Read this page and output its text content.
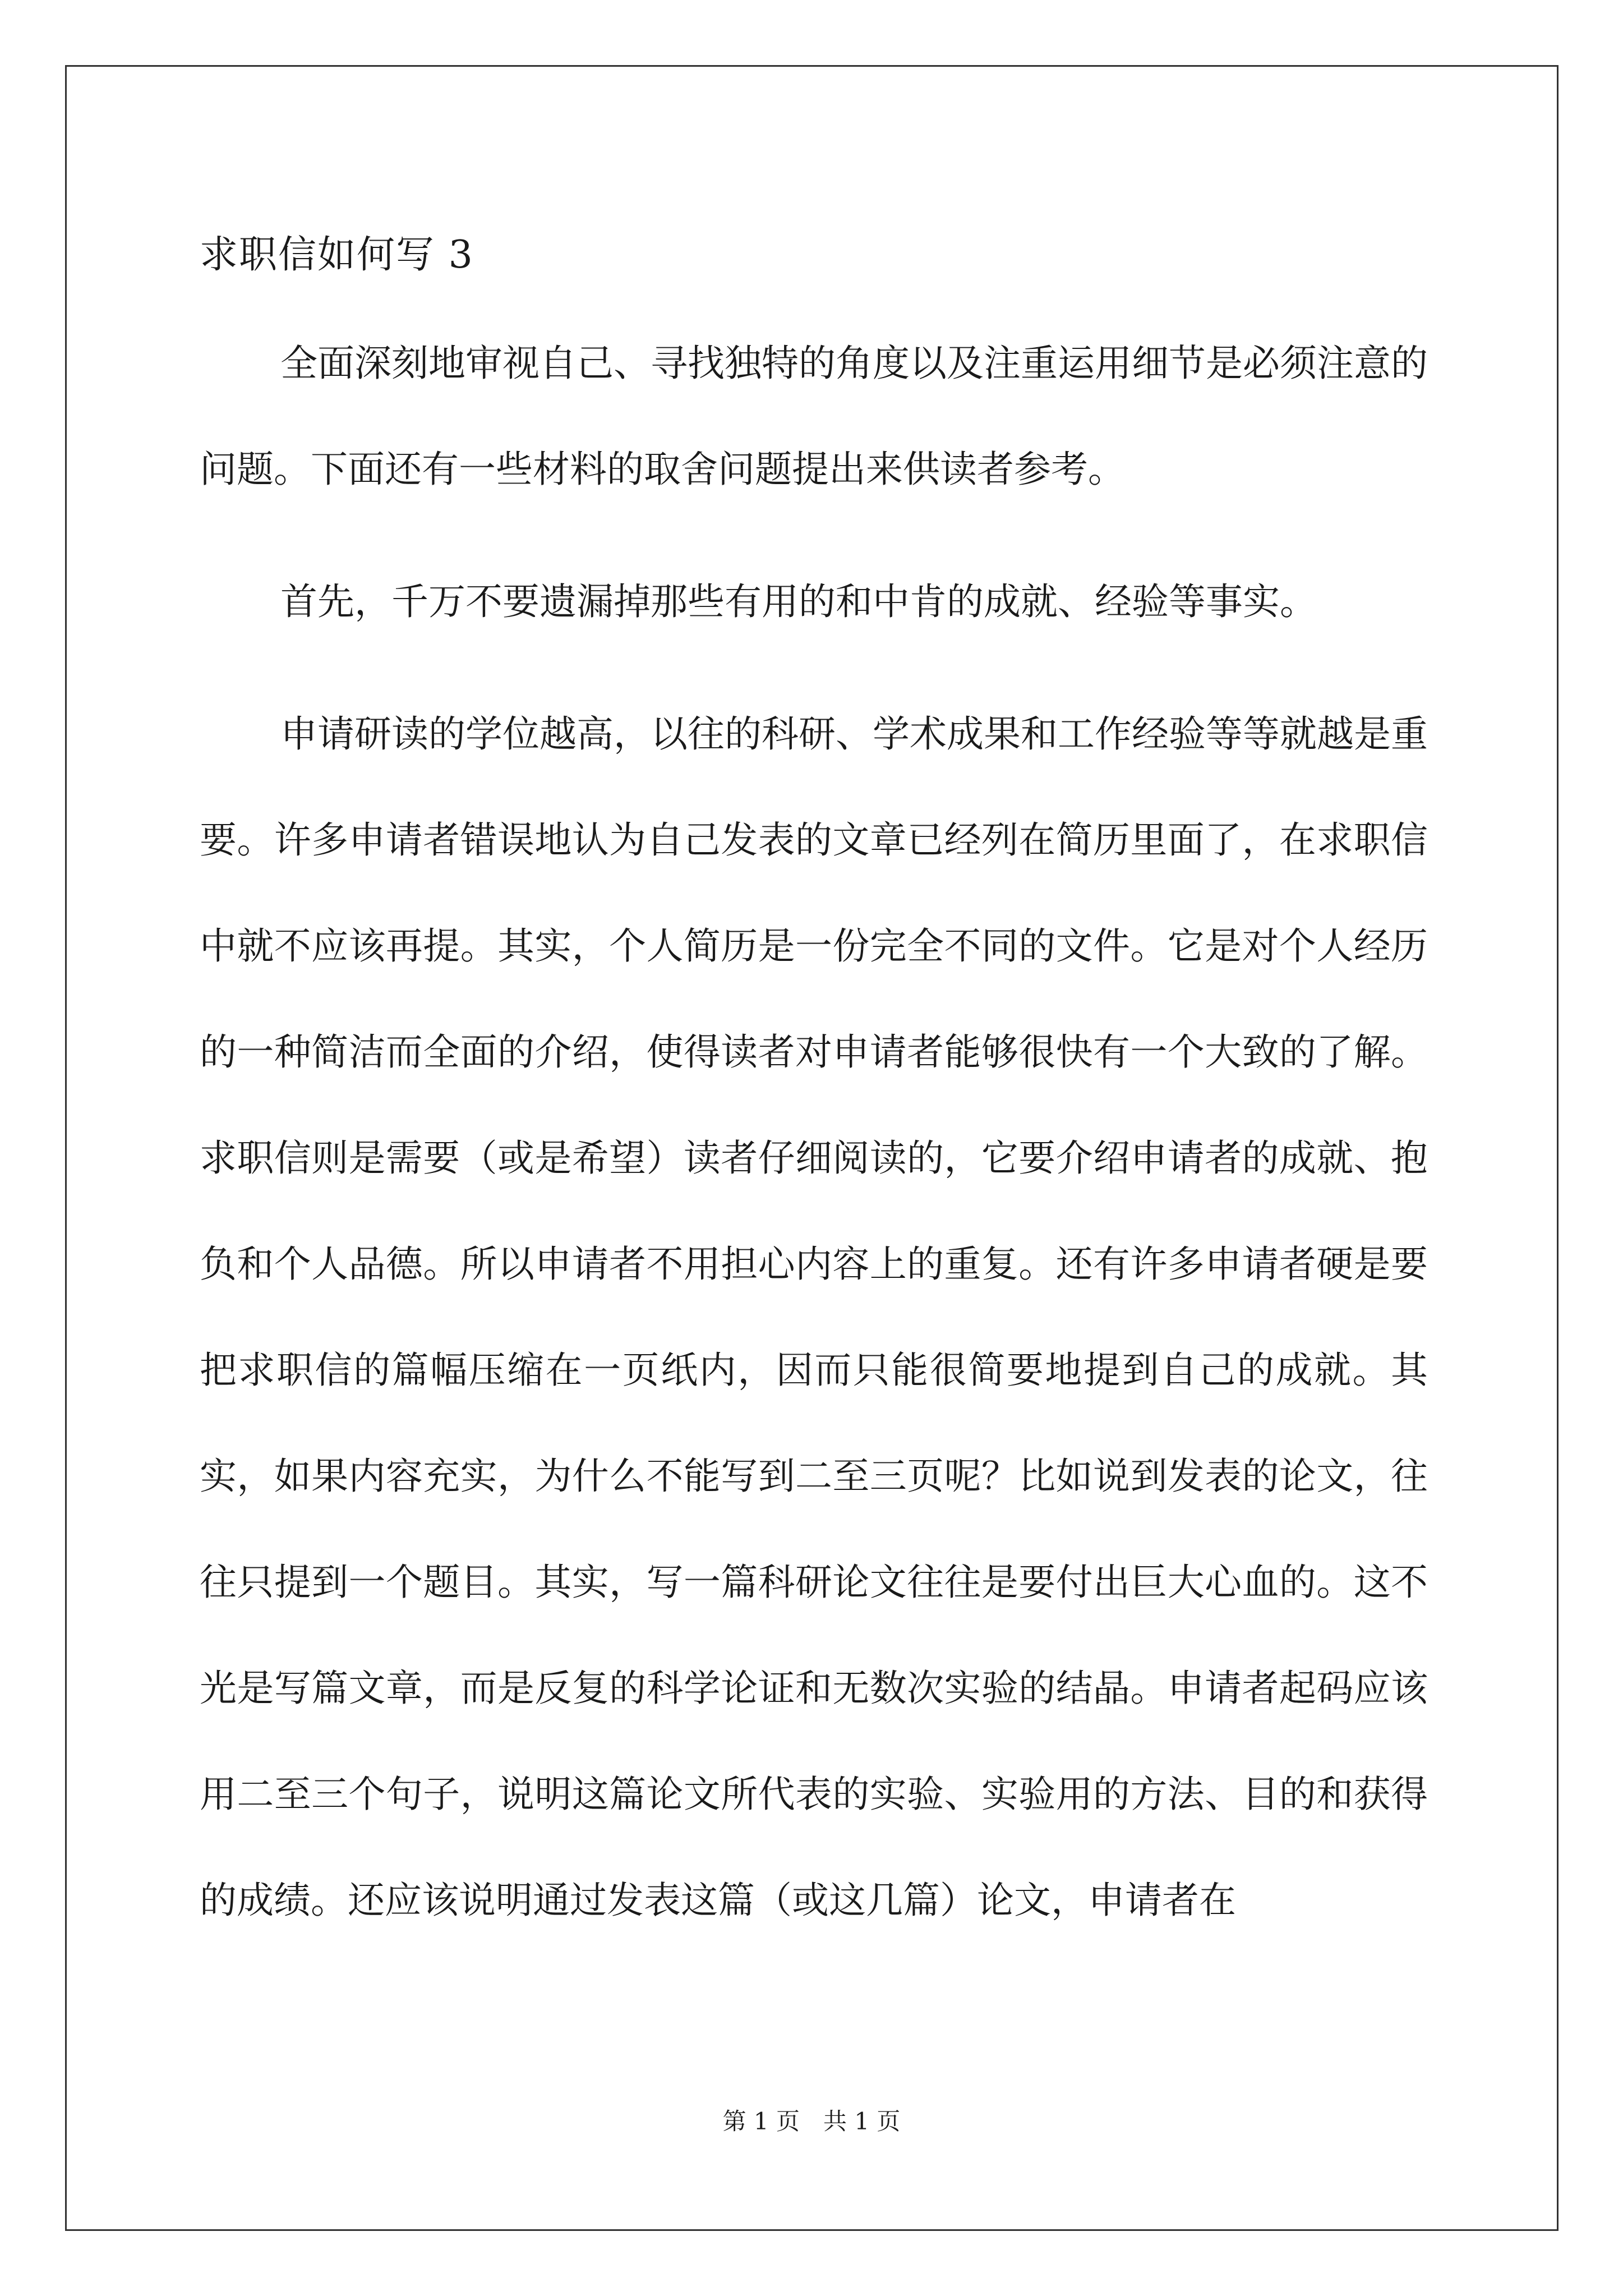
求职信如何写 3

全面深刻地审视自己、寻找独特的角度以及注重运用细节是必须注意的问题。下面还有一些材料的取舍问题提出来供读者参考。

首先，千万不要遗漏掉那些有用的和中肯的成就、经验等事实。

申请研读的学位越高，以往的科研、学术成果和工作经验等等就越是重要。许多申请者错误地认为自己发表的文章已经列在简历里面了，在求职信中就不应该再提。其实，个人简历是一份完全不同的文件。它是对个人经历的一种简洁而全面的介绍，使得读者对申请者能够很快有一个大致的了解。求职信则是需要（或是希望）读者仔细阅读的，它要介绍申请者的成就、抱负和个人品德。所以申请者不用担心内容上的重复。还有许多申请者硬是要把求职信的篇幅压缩在一页纸内，因而只能很简要地提到自己的成就。其实，如果内容充实，为什么不能写到二至三页呢？比如说到发表的论文，往往只提到一个题目。其实，写一篇科研论文往往是要付出巨大心血的。这不光是写篇文章，而是反复的科学论证和无数次实验的结晶。申请者起码应该用二至三个句子，说明这篇论文所代表的实验、实验用的方法、目的和获得的成绩。还应该说明通过发表这篇（或这几篇）论文，申请者在

第 1 页　共 1 页
